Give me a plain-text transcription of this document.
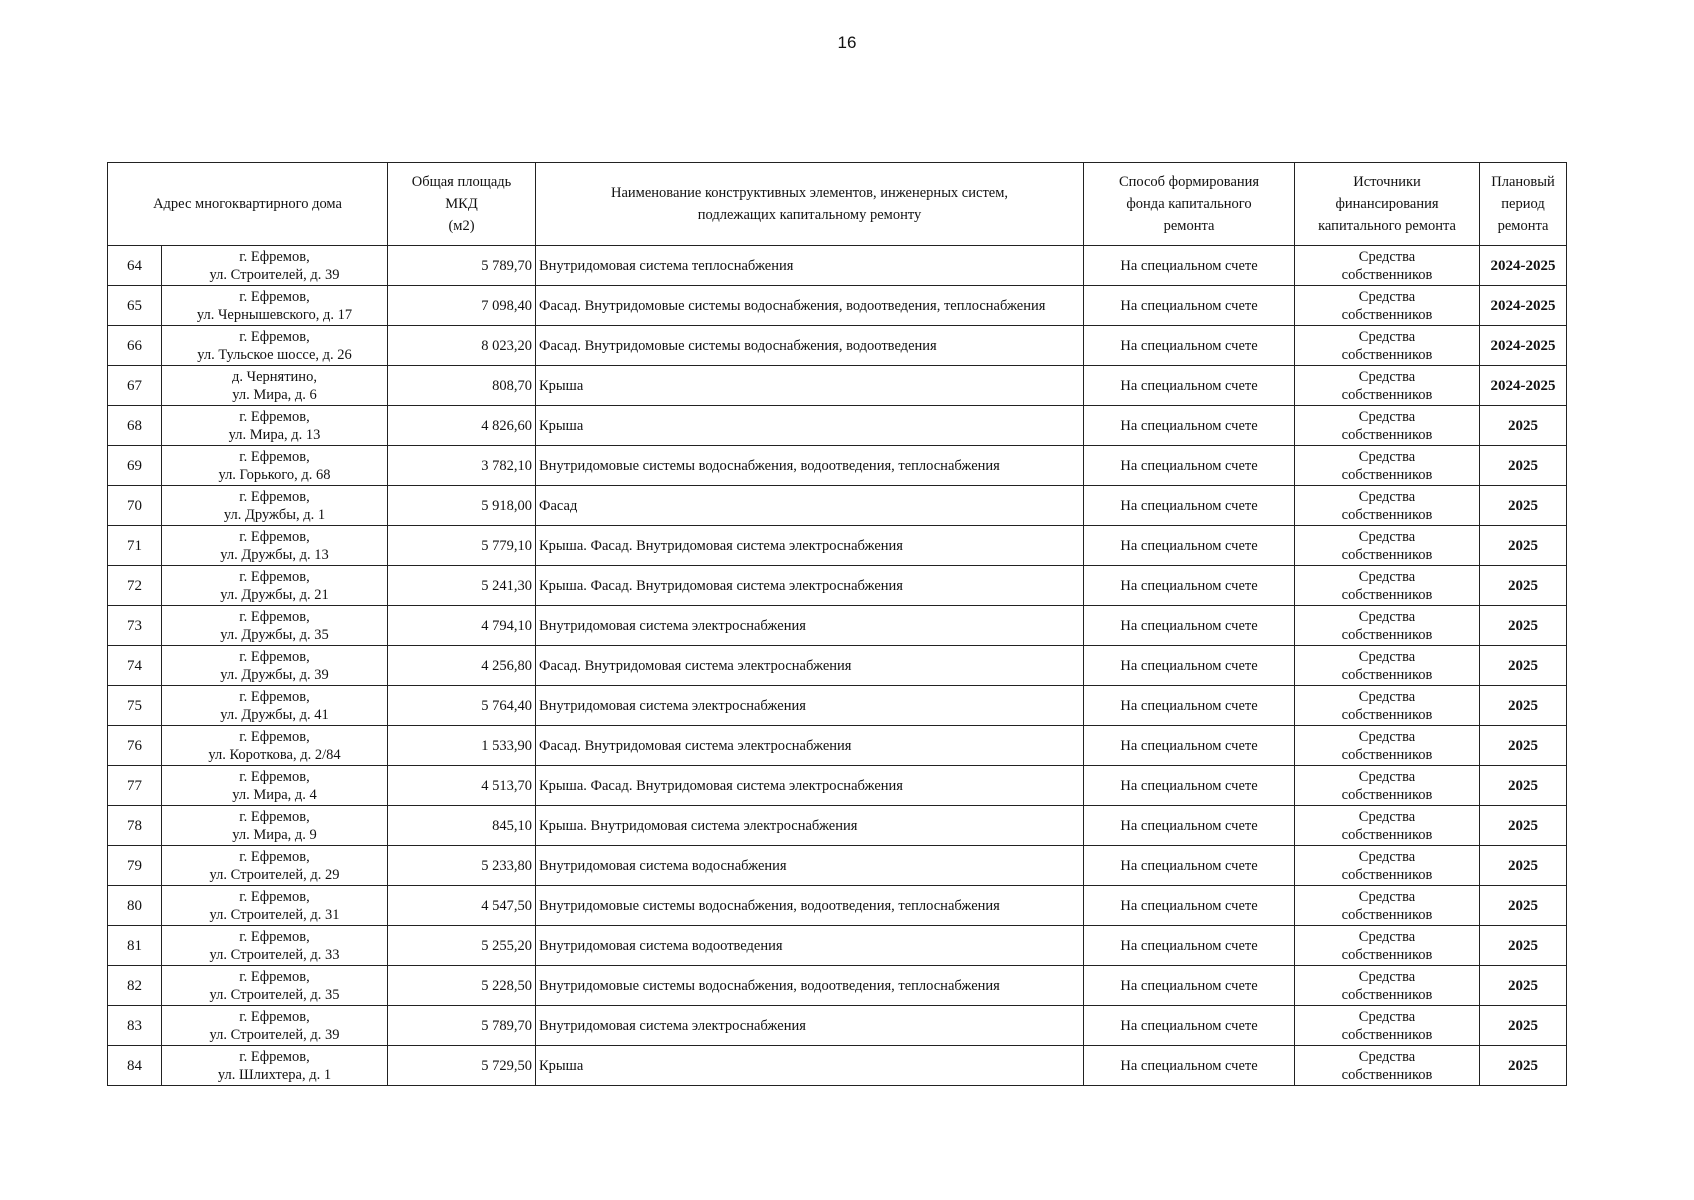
16
Адрес многоквартирного дома		Общая площадь
МКД
(м2)	Наименование конструктивных элементов, инженерных систем,
подлежащих капитальному ремонту	Способ формирования
фонда капитального
ремонта	Источники
финансирования
капитального ремонта	Плановый
период
ремонта

64	г. Ефремов,
ул. Строителей, д. 39	5 789,70	Внутридомовая система теплоснабжения	На специальном счете	Средства
собственников	2024-2025
65	г. Ефремов,
ул. Чернышевского, д. 17	7 098,40	Фасад. Внутридомовые системы водоснабжения, водоотведения, теплоснабжения	На специальном счете	Средства
собственников	2024-2025
66	г. Ефремов,
ул. Тульское шоссе, д. 26	8 023,20	Фасад. Внутридомовые системы водоснабжения, водоотведения	На специальном счете	Средства
собственников	2024-2025
67	д. Чернятино,
ул. Мира, д. 6	808,70	Крыша	На специальном счете	Средства
собственников	2024-2025
68	г. Ефремов,
ул. Мира, д. 13	4 826,60	Крыша	На специальном счете	Средства
собственников	2025
69	г. Ефремов,
ул. Горького, д. 68	3 782,10	Внутридомовые системы водоснабжения, водоотведения, теплоснабжения	На специальном счете	Средства
собственников	2025
70	г. Ефремов,
ул. Дружбы, д. 1	5 918,00	Фасад	На специальном счете	Средства
собственников	2025
71	г. Ефремов,
ул. Дружбы, д. 13	5 779,10	Крыша. Фасад. Внутридомовая система электроснабжения	На специальном счете	Средства
собственников	2025
72	г. Ефремов,
ул. Дружбы, д. 21	5 241,30	Крыша. Фасад. Внутридомовая система электроснабжения	На специальном счете	Средства
собственников	2025
73	г. Ефремов,
ул. Дружбы, д. 35	4 794,10	Внутридомовая система электроснабжения	На специальном счете	Средства
собственников	2025
74	г. Ефремов,
ул. Дружбы, д. 39	4 256,80	Фасад. Внутридомовая система электроснабжения	На специальном счете	Средства
собственников	2025
75	г. Ефремов,
ул. Дружбы, д. 41	5 764,40	Внутридомовая система электроснабжения	На специальном счете	Средства
собственников	2025
76	г. Ефремов,
ул. Короткова, д. 2/84	1 533,90	Фасад. Внутридомовая система электроснабжения	На специальном счете	Средства
собственников	2025
77	г. Ефремов,
ул. Мира, д. 4	4 513,70	Крыша. Фасад. Внутридомовая система электроснабжения	На специальном счете	Средства
собственников	2025
78	г. Ефремов,
ул. Мира, д. 9	845,10	Крыша. Внутридомовая система электроснабжения	На специальном счете	Средства
собственников	2025
79	г. Ефремов,
ул. Строителей, д. 29	5 233,80	Внутридомовая система водоснабжения	На специальном счете	Средства
собственников	2025
80	г. Ефремов,
ул. Строителей, д. 31	4 547,50	Внутридомовые системы водоснабжения, водоотведения, теплоснабжения	На специальном счете	Средства
собственников	2025
81	г. Ефремов,
ул. Строителей, д. 33	5 255,20	Внутридомовая система водоотведения	На специальном счете	Средства
собственников	2025
82	г. Ефремов,
ул. Строителей, д. 35	5 228,50	Внутридомовые системы водоснабжения, водоотведения, теплоснабжения	На специальном счете	Средства
собственников	2025
83	г. Ефремов,
ул. Строителей, д. 39	5 789,70	Внутридомовая система электроснабжения	На специальном счете	Средства
собственников	2025
84	г. Ефремов,
ул. Шлихтера, д. 1	5 729,50	Крыша	На специальном счете	Средства
собственников	2025
